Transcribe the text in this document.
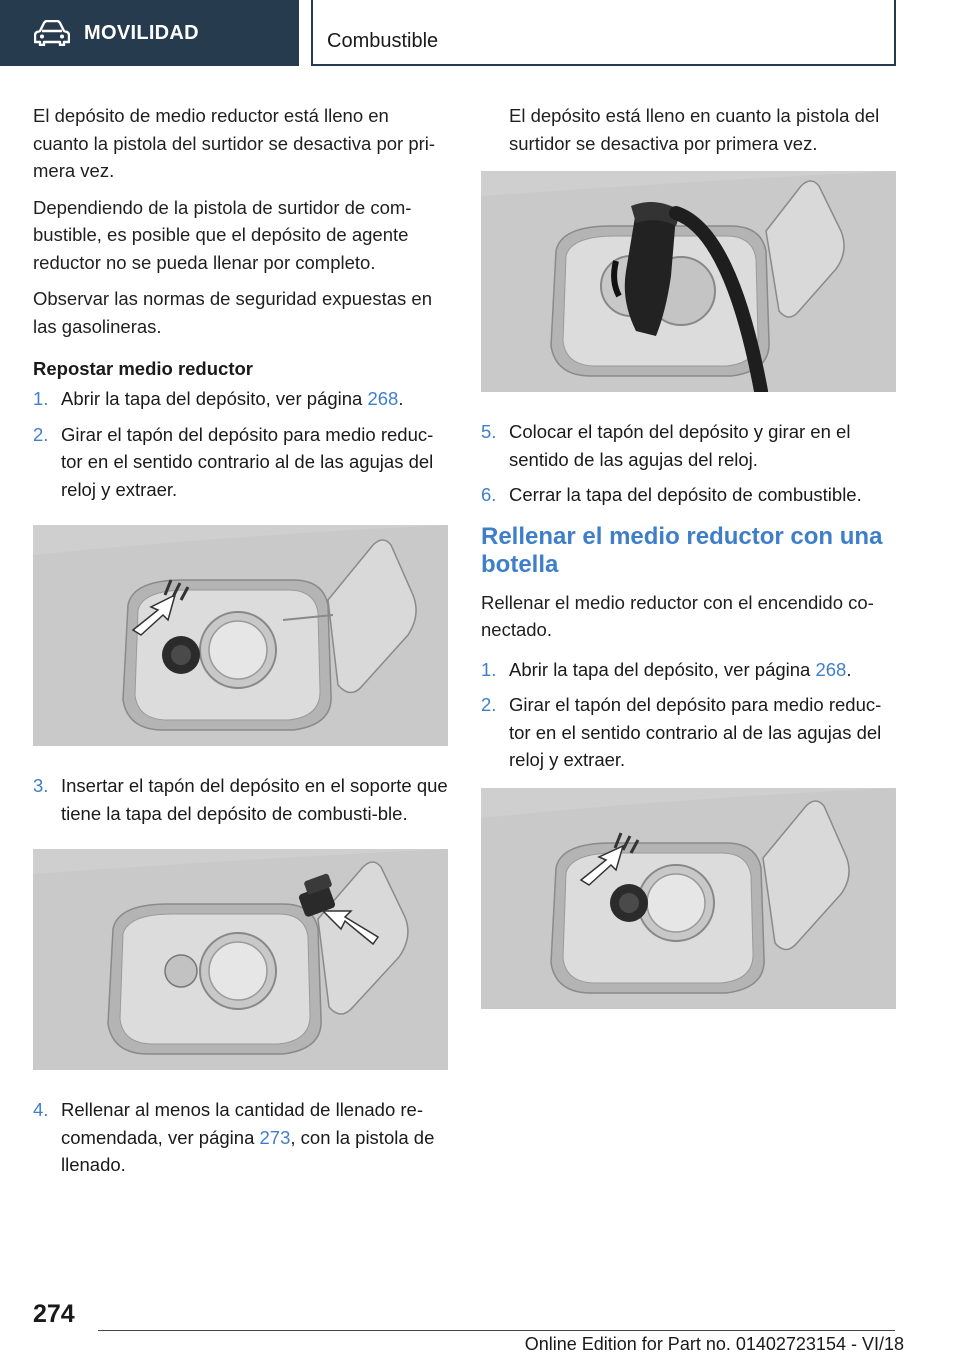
MOVILIDAD	Combustible

El depósito de medio reductor está lleno en cuanto la pistola del surtidor se desactiva por pri-mera vez.

Dependiendo de la pistola de surtidor de com-bustible, es posible que el depósito de agente reductor no se pueda llenar por completo.

Observar las normas de seguridad expuestas en las gasolineras.

Repostar medio reductor
1. Abrir la tapa del depósito, ver página 268.
2. Girar el tapón del depósito para medio reduc-tor en el sentido contrario al de las agujas del reloj y extraer.
3. Insertar el tapón del depósito en el soporte que tiene la tapa del depósito de combusti-ble.
4. Rellenar al menos la cantidad de llenado re-comendada, ver página 273, con la pistola de llenado.

El depósito está lleno en cuanto la pistola del surtidor se desactiva por primera vez.

5. Colocar el tapón del depósito y girar en el sentido de las agujas del reloj.
6. Cerrar la tapa del depósito de combustible.
Rellenar el medio reductor con una botella

Rellenar el medio reductor con el encendido co-nectado.

1. Abrir la tapa del depósito, ver página 268.
2. Girar el tapón del depósito para medio reduc-tor en el sentido contrario al de las agujas del reloj y extraer.
274
Online Edition for Part no. 01402723154 - VI/18
